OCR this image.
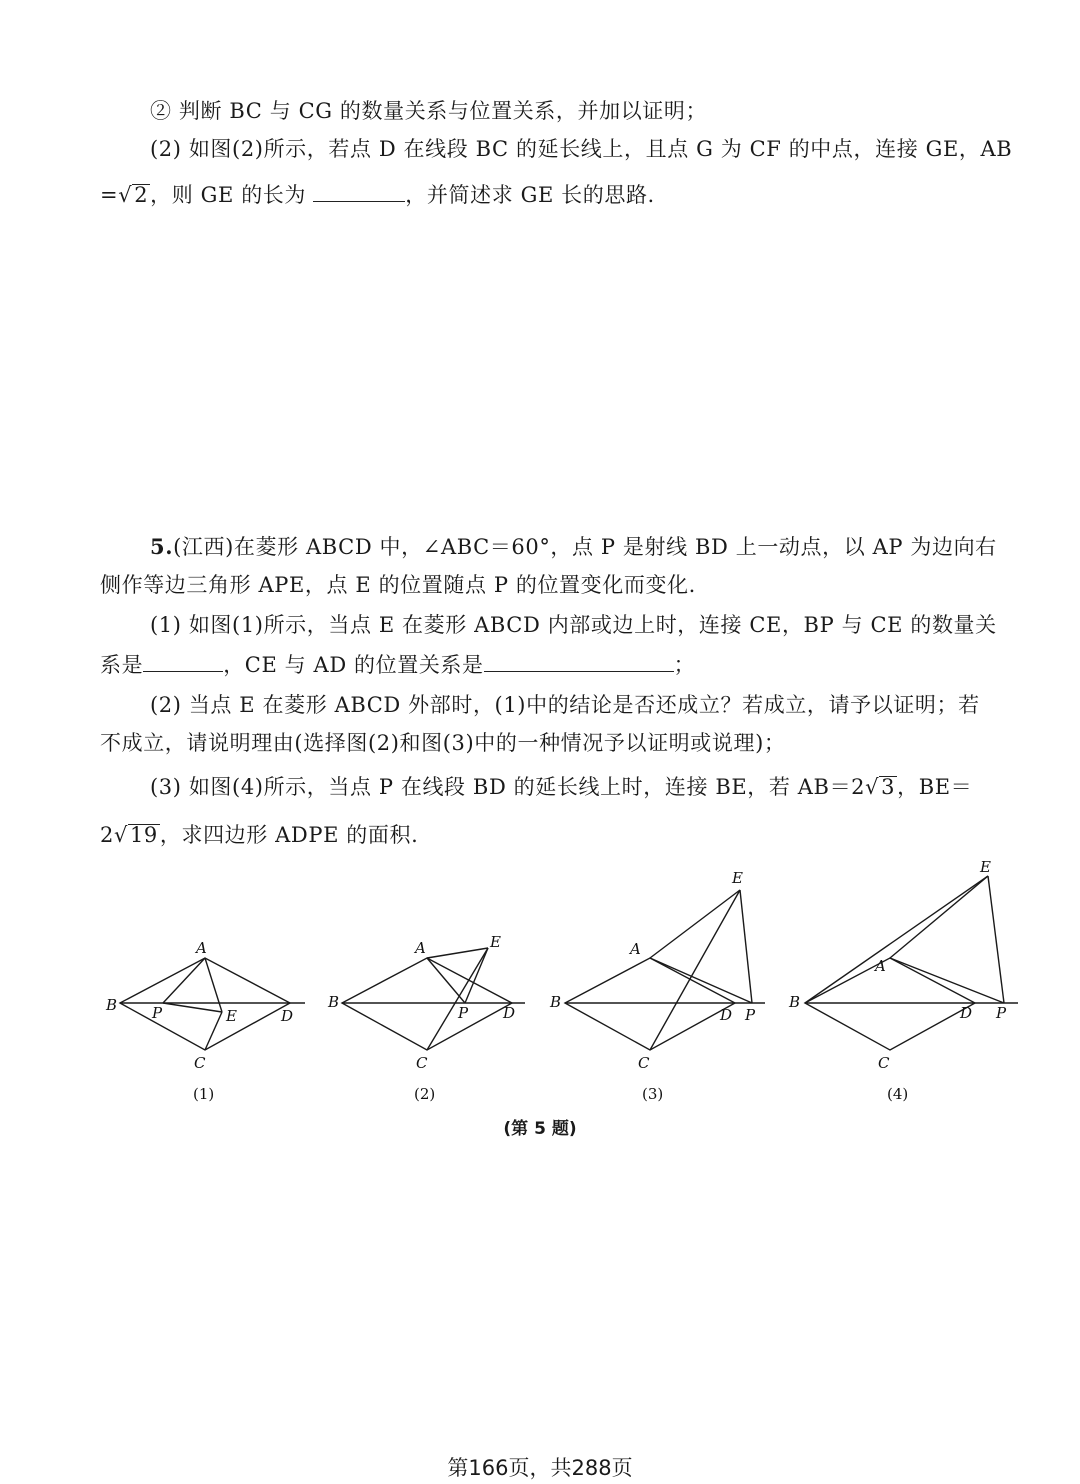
② 判断 BC 与 CG 的数量关系与位置关系，并加以证明；
(2) 如图(2)所示，若点 D 在线段 BC 的延长线上，且点 G 为 CF 的中点，连接 GE，AB
=√2，则 GE 的长为	，并简述求 GE 长的思路.
5.(江西)在菱形 ABCD 中，∠ABC＝60°，点 P 是射线 BD 上一动点，以 AP 为边向右
侧作等边三角形 APE，点 E 的位置随点 P 的位置变化而变化.
(1) 如图(1)所示，当点 E 在菱形 ABCD 内部或边上时，连接 CE，BP 与 CE 的数量关
系是	，CE 与 AD 的位置关系是	；
(2) 当点 E 在菱形 ABCD 外部时，(1)中的结论是否还成立？若成立，请予以证明；若
不成立，请说明理由(选择图(2)和图(3)中的一种情况予以证明或说理)；
(3) 如图(4)所示，当点 P 在线段 BD 的延长线上时，连接 BE，若 AB＝2√3，BE＝
2√19，求四边形 ADPE 的面积.
A
B P	E	D
C
A	E
B
P D
C
E
A
B
D P
C
E
A
B
D P
C
(1)	(2)	(3)	(4)
(第 5 题)
第166页，共288页
